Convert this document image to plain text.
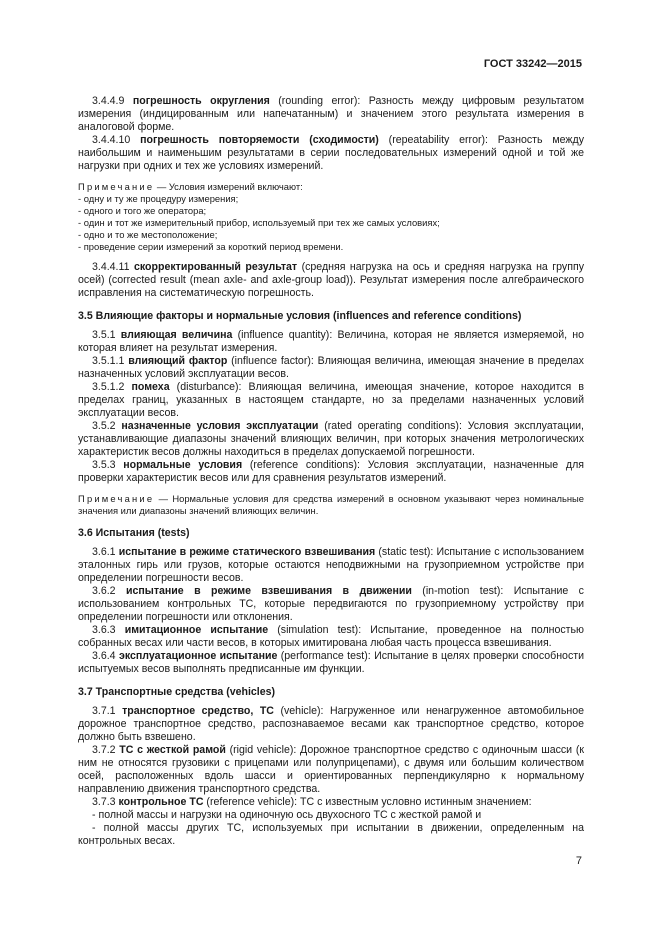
ГОСТ 33242—2015

3.4.4.9 погрешность округления (rounding error): Разность между цифровым результатом измерения (индицированным или напечатанным) и значением этого результата измерения в аналоговой форме.

3.4.4.10 погрешность повторяемости (сходимости) (repeatability error): Разность между наибольшим и наименьшим результатами в серии последовательных измерений одной и той же нагрузки при одних и тех же условиях измерений.

Примечание — Условия измерений включают:

- одну и ту же процедуру измерения;

- одного и того же оператора;

- один и тот же измерительный прибор, используемый при тех же самых условиях;

- одно и то же местоположение;

- проведение серии измерений за короткий период времени.

3.4.4.11 скорректированный результат (средняя нагрузка на ось и средняя нагрузка на группу осей) (corrected result (mean axle- and axle-group load)). Результат измерения после алгебраического исправления на систематическую погрешность.

3.5 Влияющие факторы и нормальные условия (influences and reference conditions)

3.5.1 влияющая величина (influence quantity): Величина, которая не является измеряемой, но которая влияет на результат измерения.

3.5.1.1 влияющий фактор (influence factor): Влияющая величина, имеющая значение в пределах назначенных условий эксплуатации весов.

3.5.1.2 помеха (disturbance): Влияющая величина, имеющая значение, которое находится в пределах границ, указанных в настоящем стандарте, но за пределами назначенных условий эксплуатации весов.

3.5.2 назначенные условия эксплуатации (rated operating conditions): Условия эксплуатации, устанавливающие диапазоны значений влияющих величин, при которых значения метрологических характеристик весов должны находиться в пределах допускаемой погрешности.

3.5.3 нормальные условия (reference conditions): Условия эксплуатации, назначенные для проверки характеристик весов или для сравнения результатов измерений.

Примечание — Нормальные условия для средства измерений в основном указывают через номинальные значения или диапазоны значений влияющих величин.

3.6 Испытания (tests)

3.6.1 испытание в режиме статического взвешивания (static test): Испытание с использованием эталонных гирь или грузов, которые остаются неподвижными на грузоприемном устройстве при определении погрешности весов.

3.6.2 испытание в режиме взвешивания в движении (in-motion test): Испытание с использованием контрольных ТС, которые передвигаются по грузоприемному устройству при определении погрешности или отклонения.

3.6.3 имитационное испытание (simulation test): Испытание, проведенное на полностью собранных весах или части весов, в которых имитирована любая часть процесса взвешивания.

3.6.4 эксплуатационное испытание (performance test): Испытание в целях проверки способности испытуемых весов выполнять предписанные им функции.

3.7 Транспортные средства (vehicles)

3.7.1 транспортное средство, ТС (vehicle): Нагруженное или ненагруженное автомобильное дорожное транспортное средство, распознаваемое весами как транспортное средство, которое должно быть взвешено.

3.7.2 ТС с жесткой рамой (rigid vehicle): Дорожное транспортное средство с одиночным шасси (к ним не относятся грузовики с прицепами или полуприцепами), с двумя или большим количеством осей, расположенных вдоль шасси и ориентированных перпендикулярно к нормальному направлению движения транспортного средства.

3.7.3 контрольное ТС (reference vehicle): ТС с известным условно истинным значением:

- полной массы и нагрузки на одиночную ось двухосного ТС с жесткой рамой и

- полной массы других ТС, используемых при испытании в движении, определенным на контрольных весах.

7
